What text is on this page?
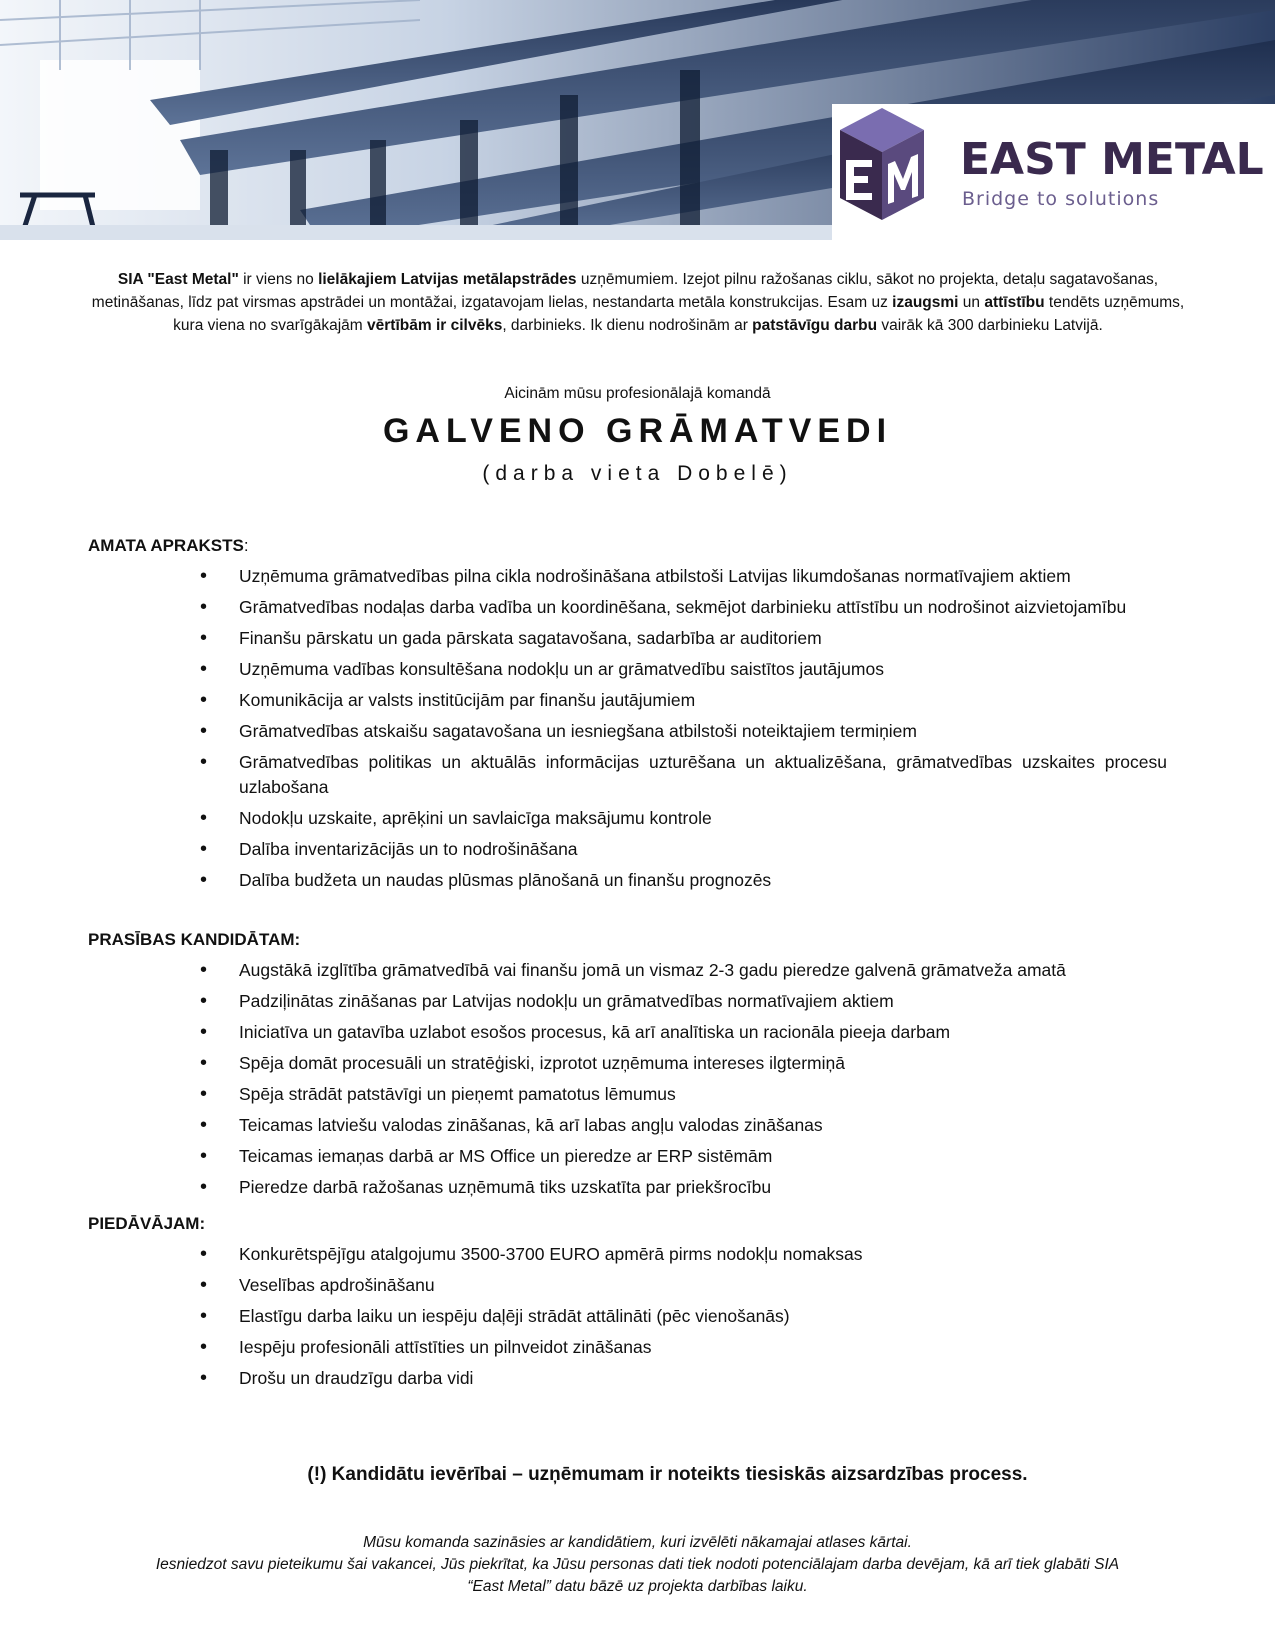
EAST METAL
Bridge to solutions
SIA "East Metal" ir viens no lielākajiem Latvijas metālapstrādes uzņēmumiem. Izejot pilnu ražošanas ciklu, sākot no projekta, detaļu sagatavošanas, metināšanas, līdz pat virsmas apstrādei un montāžai, izgatavojam lielas, nestandarta metāla konstrukcijas. Esam uz izaugsmi un attīstību tendēts uzņēmums, kura viena no svarīgākajām vērtībām ir cilvēks, darbinieks. Ik dienu nodrošinām ar patstāvīgu darbu vairāk kā 300 darbinieku Latvijā.
Aicinām mūsu profesionālajā komandā
GALVENO GRĀMATVEDI
(darba vieta Dobelē)
AMATA APRAKSTS:
• Uzņēmuma grāmatvedības pilna cikla nodrošināšana atbilstoši Latvijas likumdošanas normatīvajiem aktiem
• Grāmatvedības nodaļas darba vadība un koordinēšana, sekmējot darbinieku attīstību un nodrošinot aizvietojamību
• Finanšu pārskatu un gada pārskata sagatavošana, sadarbība ar auditoriem
• Uzņēmuma vadības konsultēšana nodokļu un ar grāmatvedību saistītos jautājumos
• Komunikācija ar valsts institūcijām par finanšu jautājumiem
• Grāmatvedības atskaišu sagatavošana un iesniegšana atbilstoši noteiktajiem termiņiem
• Grāmatvedības politikas un aktuālās informācijas uzturēšana un aktualizēšana, grāmatvedības uzskaites procesu uzlabošana
• Nodokļu uzskaite, aprēķini un savlaicīga maksājumu kontrole
• Dalība inventarizācijās un to nodrošināšana
• Dalība budžeta un naudas plūsmas plānošanā un finanšu prognozēs
PRASĪBAS KANDIDĀTAM:
• Augstākā izglītība grāmatvedībā vai finanšu jomā un vismaz 2-3 gadu pieredze galvenā grāmatveža amatā
• Padziļinātas zināšanas par Latvijas nodokļu un grāmatvedības normatīvajiem aktiem
• Iniciatīva un gatavība uzlabot esošos procesus, kā arī analītiska un racionāla pieeja darbam
• Spēja domāt procesuāli un stratēģiski, izprotot uzņēmuma intereses ilgtermiņā
• Spēja strādāt patstāvīgi un pieņemt pamatotus lēmumus
• Teicamas latviešu valodas zināšanas, kā arī labas angļu valodas zināšanas
• Teicamas iemaņas darbā ar MS Office un pieredze ar ERP sistēmām
• Pieredze darbā ražošanas uzņēmumā tiks uzskatīta par priekšrocību
PIEDĀVĀJAM:
• Konkurētspējīgu atalgojumu 3500-3700 EURO apmērā pirms nodokļu nomaksas
• Veselības apdrošināšanu
• Elastīgu darba laiku un iespēju daļēji strādāt attālināti (pēc vienošanās)
• Iespēju profesionāli attīstīties un pilnveidot zināšanas
• Drošu un draudzīgu darba vidi
(!) Kandidātu ievērībai – uzņēmumam ir noteikts tiesiskās aizsardzības process.
Mūsu komanda sazināsies ar kandidātiem, kuri izvēlēti nākamajai atlases kārtai.
Iesniedzot savu pieteikumu šai vakancei, Jūs piekrītat, ka Jūsu personas dati tiek nodoti potenciālajam darba devējam, kā arī tiek glabāti SIA
“East Metal” datu bāzē uz projekta darbības laiku.
